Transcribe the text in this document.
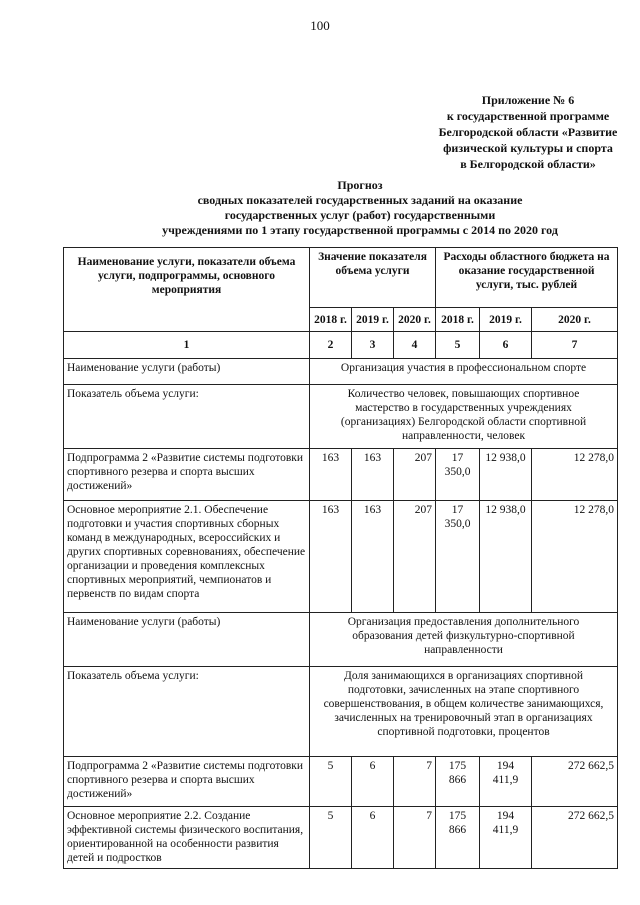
100
Приложение № 6
к государственной программе
Белгородской области «Развитие
физической культуры и спорта
в Белгородской области»
Прогноз
сводных показателей государственных заданий на оказание
государственных услуг (работ) государственными
учреждениями по 1 этапу государственной программы с 2014 по 2020 год
Наименование услуги, показатели объема услуги, подпрограммы, основного мероприятия	Значение показателя объема услуги			Расходы областного бюджета на оказание государственной услуги, тыс. рублей		
	2018 г.	2019 г.	2020 г.	2018 г.	2019 г.	2020 г.
1	2	3	4	5	6	7
Наименование услуги (работы)	Организация участия в профессиональном спорте					
Показатель объема услуги:	Количество человек, повышающих спортивное мастерство в государственных учреждениях (организациях) Белгородской области спортивной направленности, человек					
Подпрограмма 2 «Развитие системы подготовки спортивного резерва и спорта высших достижений»	163	163	207	17 350,0	12 938,0	12 278,0
Основное мероприятие 2.1. Обеспечение подготовки и участия спортивных сборных команд в международных, всероссийских и других спортивных соревнованиях, обеспечение организации и проведения комплексных спортивных мероприятий, чемпионатов и первенств по видам спорта	163	163	207	17 350,0	12 938,0	12 278,0
Наименование услуги (работы)	Организация предоставления дополнительного образования детей физкультурно-спортивной направленности					
Показатель объема услуги:	Доля занимающихся в организациях спортивной подготовки, зачисленных на этапе спортивного совершенствования, в общем количестве занимающихся, зачисленных на тренировочный этап в организациях спортивной подготовки, процентов					
Подпрограмма 2 «Развитие системы подготовки спортивного резерва и спорта высших достижений»	5	6	7	175 866	194 411,9	272 662,5
Основное мероприятие 2.2. Создание эффективной системы физического воспитания, ориентированной на особенности развития детей и подростков	5	6	7	175 866	194 411,9	272 662,5
